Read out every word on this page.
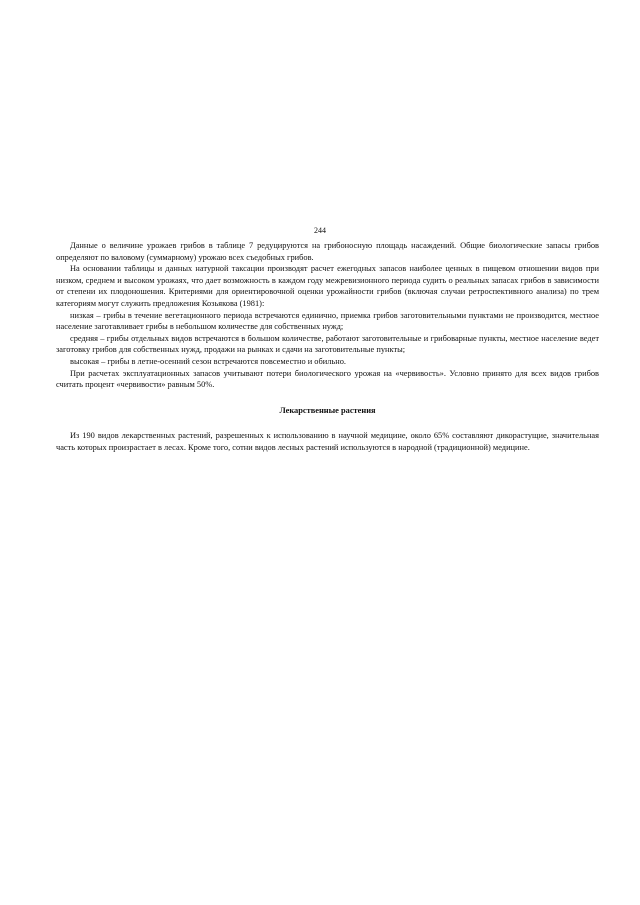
244

Данные о величине урожаев грибов в таблице 7 редуцируются на грибоносную площадь насаждений. Общие биологические запасы грибов определяют по валовому (суммарному) урожаю всех съедобных грибов.

На основании таблицы и данных натурной таксации производят расчет ежегодных запасов наиболее ценных в пищевом отношении видов при низком, среднем и высоком урожаях, что дает возможность в каждом году межревизионного периода судить о реальных запасах грибов в зависимости от степени их плодоношения. Критериями для ориентировочной оценки урожайности грибов (включая случаи ретроспективного анализа) по трем категориям могут служить предложения Козьякова (1981):

низкая – грибы в течение вегетационного периода встречаются единично, приемка грибов заготовительными пунктами не производится, местное население заготавливает грибы в небольшом количестве для собственных нужд;

средняя – грибы отдельных видов встречаются в большом количестве, работают заготовительные и грибоварные пункты, местное население ведет заготовку грибов для собственных нужд, продажи на рынках и сдачи на заготовительные пункты;

высокая – грибы в летне-осенний сезон встречаются повсеместно и обильно.

При расчетах эксплуатационных запасов учитывают потери биологического урожая на «червивость». Условно принято для всех видов грибов считать процент «червивости» равным 50%.

Лекарственные растения

Из 190 видов лекарственных растений, разрешенных к использованию в научной медицине, около 65% составляют дикорастущие, значительная часть которых произрастает в лесах. Кроме того, сотни видов лесных растений используются в народной (традиционной) медицине.
